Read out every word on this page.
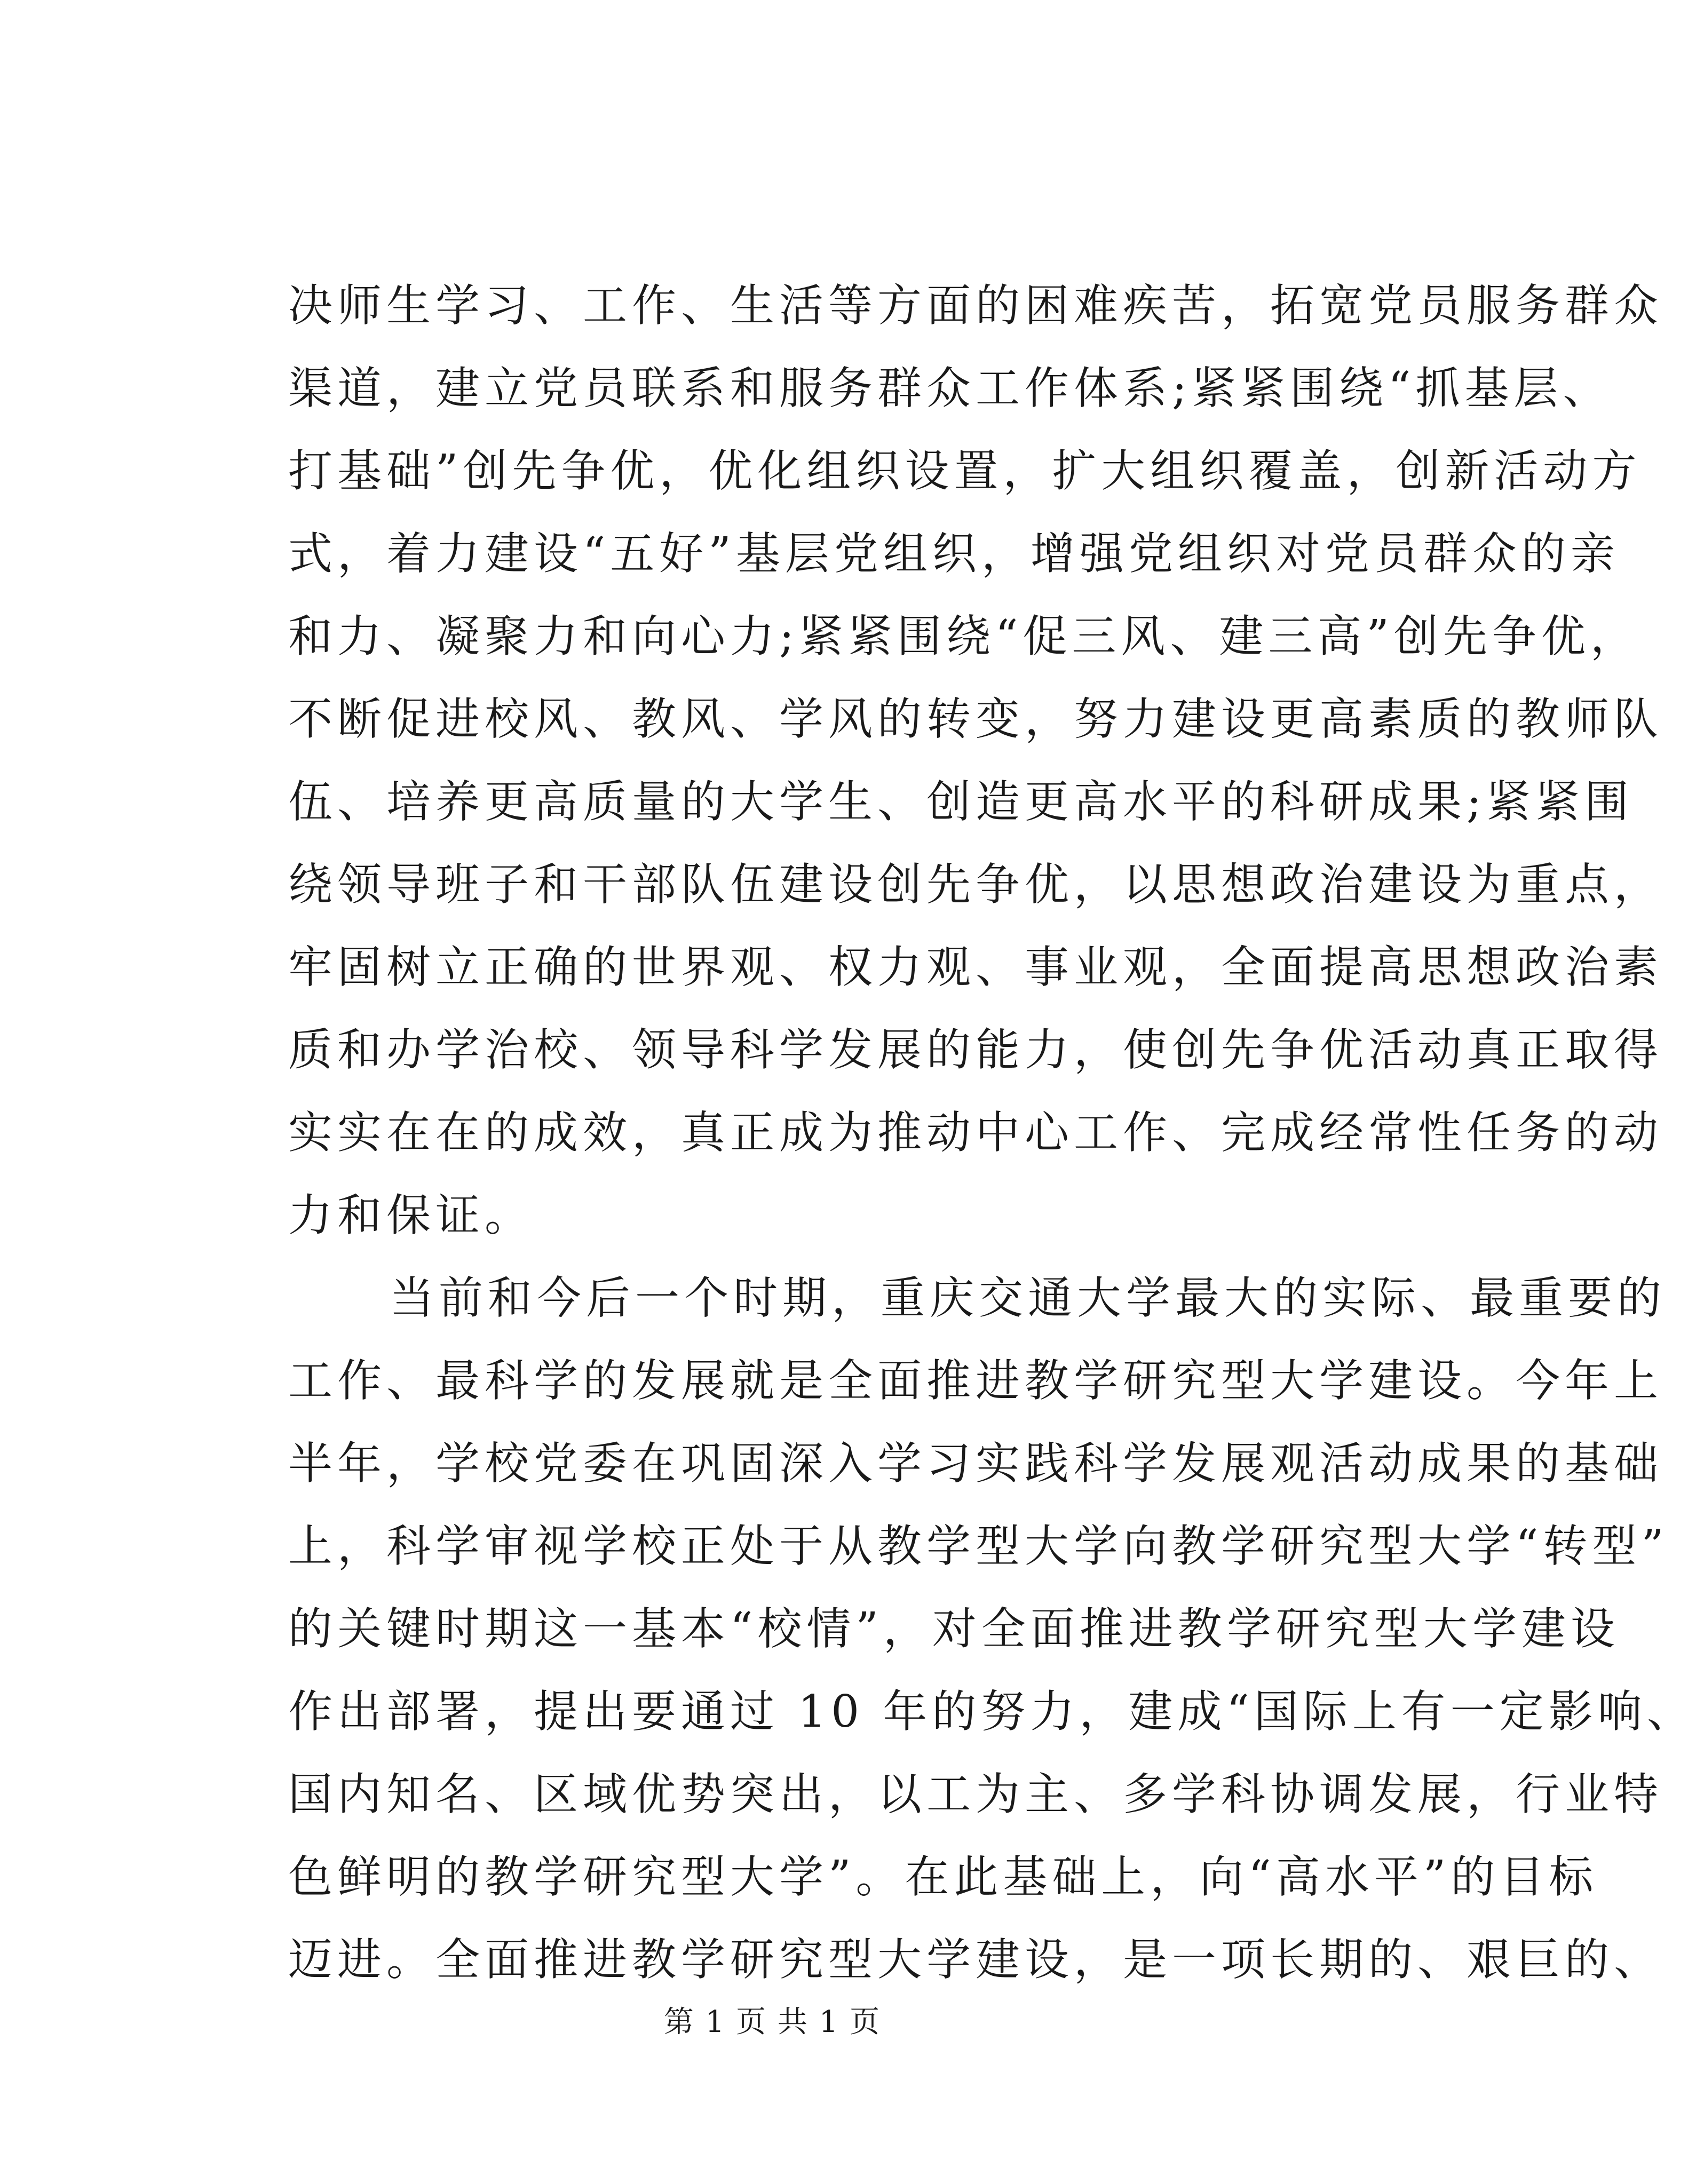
决师生学习、工作、生活等方面的困难疾苦，拓宽党员服务群众
渠道，建立党员联系和服务群众工作体系;紧紧围绕“抓基层、
打基础”创先争优，优化组织设置，扩大组织覆盖，创新活动方
式，着力建设“五好”基层党组织，增强党组织对党员群众的亲
和力、凝聚力和向心力;紧紧围绕“促三风、建三高”创先争优，
不断促进校风、教风、学风的转变，努力建设更高素质的教师队
伍、培养更高质量的大学生、创造更高水平的科研成果;紧紧围
绕领导班子和干部队伍建设创先争优，以思想政治建设为重点，
牢固树立正确的世界观、权力观、事业观，全面提高思想政治素
质和办学治校、领导科学发展的能力，使创先争优活动真正取得
实实在在的成效，真正成为推动中心工作、完成经常性任务的动
力和保证。
当前和今后一个时期，重庆交通大学最大的实际、最重要的
工作、最科学的发展就是全面推进教学研究型大学建设。今年上
半年，学校党委在巩固深入学习实践科学发展观活动成果的基础
上，科学审视学校正处于从教学型大学向教学研究型大学“转型”
的关键时期这一基本“校情”，对全面推进教学研究型大学建设
作出部署，提出要通过 10 年的努力，建成“国际上有一定影响、
国内知名、区域优势突出，以工为主、多学科协调发展，行业特
色鲜明的教学研究型大学”。在此基础上，向“高水平”的目标
迈进。全面推进教学研究型大学建设，是一项长期的、艰巨的、
第 1 页 共 1 页
